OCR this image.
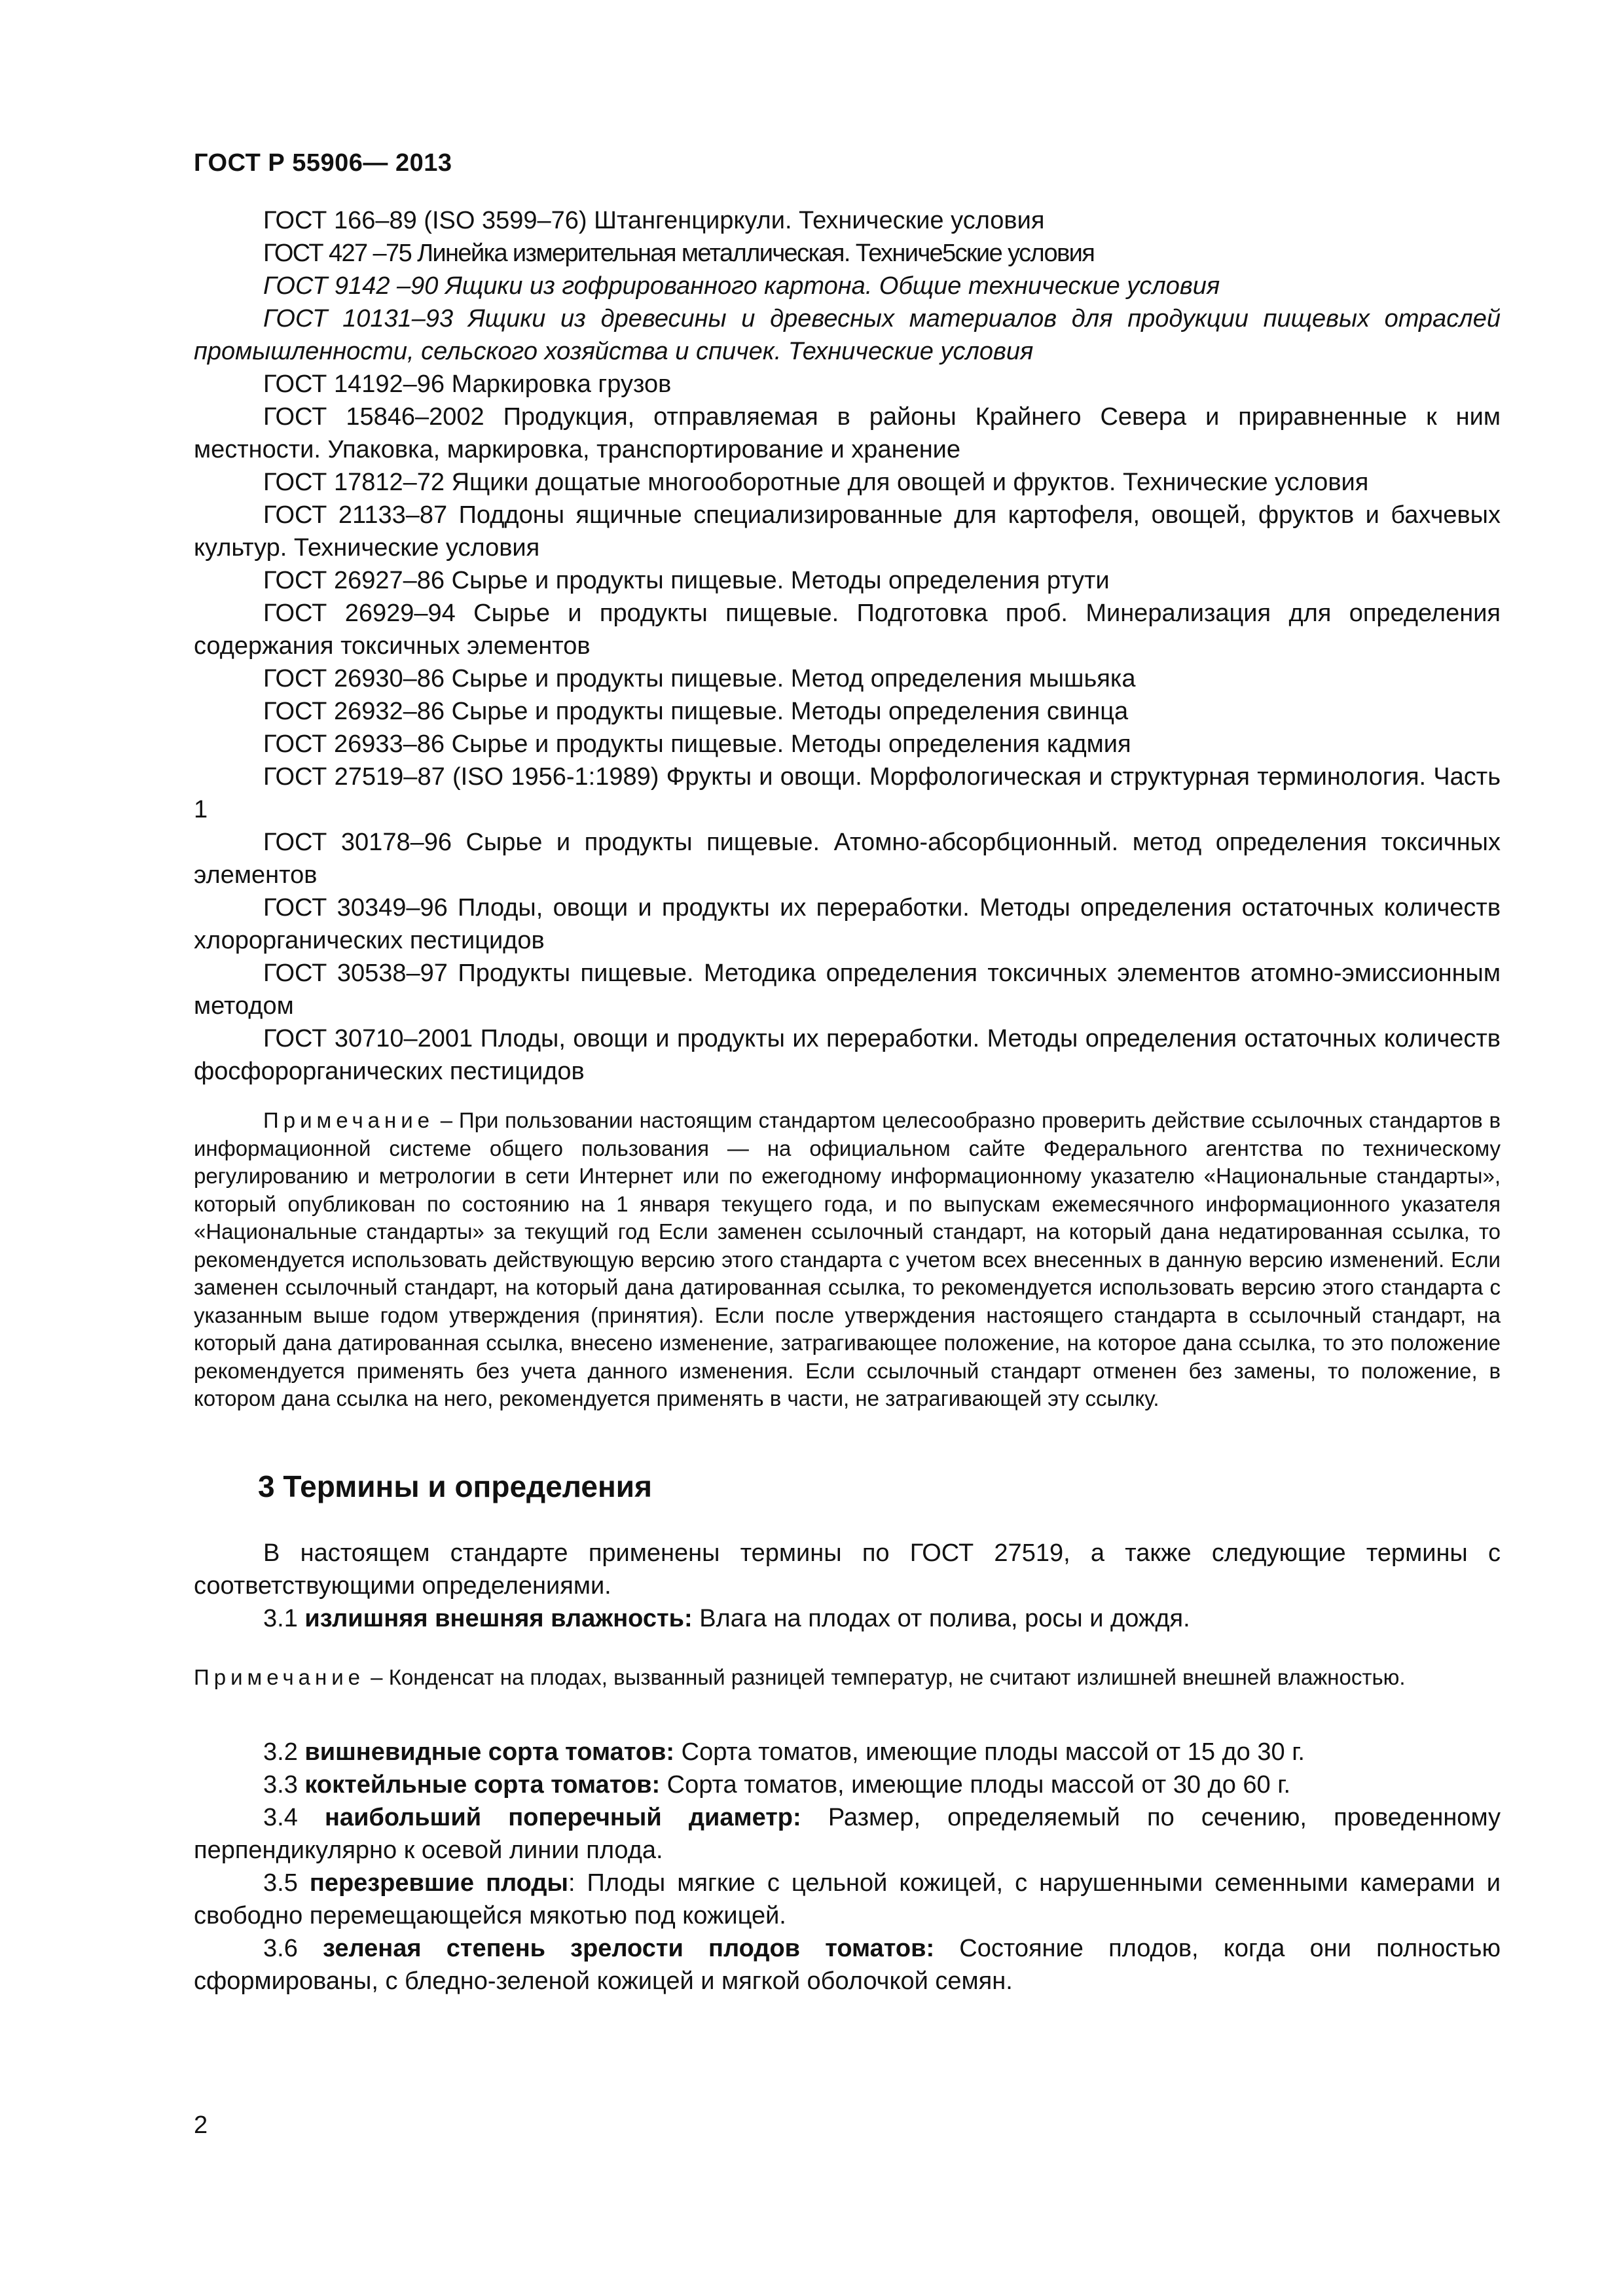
ГОСТ Р 55906— 2013

ГОСТ 166–89 (ISO 3599–76) Штангенциркули. Технические условия

ГОСТ 427 –75 Линейка измерительная металлическая. Техниче5ские условия

ГОСТ 9142 –90 Ящики из гофрированного картона. Общие технические условия

ГОСТ 10131–93 Ящики из древесины и древесных материалов для продукции пищевых отраслей промышленности, сельского хозяйства и спичек. Технические условия

ГОСТ 14192–96 Маркировка грузов

ГОСТ 15846–2002 Продукция, отправляемая в районы Крайнего Севера и приравненные к ним местности. Упаковка, маркировка, транспортирование и хранение

ГОСТ 17812–72 Ящики дощатые многооборотные для овощей и фруктов. Технические условия

ГОСТ 21133–87 Поддоны ящичные специализированные для картофеля, овощей, фруктов и бахчевых культур. Технические условия

ГОСТ 26927–86 Сырье и продукты пищевые. Методы определения ртути

ГОСТ 26929–94 Сырье и продукты пищевые. Подготовка проб. Минерализация для определения содержания токсичных элементов

ГОСТ 26930–86 Сырье и продукты пищевые. Метод определения мышьяка

ГОСТ 26932–86 Сырье и продукты пищевые. Методы определения свинца

ГОСТ 26933–86 Сырье и продукты пищевые. Методы определения кадмия

ГОСТ 27519–87 (ISO 1956-1:1989) Фрукты и овощи. Морфологическая и структурная терминология. Часть 1

ГОСТ 30178–96 Сырье и продукты пищевые. Атомно-абсорбционный. метод определения токсичных элементов

ГОСТ 30349–96 Плоды, овощи и продукты их переработки. Методы определения остаточных количеств хлорорганических пестицидов

ГОСТ 30538–97 Продукты пищевые. Методика определения токсичных элементов атомно-эмиссионным методом

ГОСТ 30710–2001 Плоды, овощи и продукты их переработки. Методы определения остаточных количеств фосфорорганических пестицидов

Примечание – При пользовании настоящим стандартом целесообразно проверить действие ссылочных стандартов в информационной системе общего пользования — на официальном сайте Федерального агентства по техническому регулированию и метрологии в сети Интернет или по ежегодному информационному указателю «Национальные стандарты», который опубликован по состоянию на 1 января текущего года, и по выпускам ежемесячного информационного указателя «Национальные стандарты» за текущий год Если заменен ссылочный стандарт, на который дана недатированная ссылка, то рекомендуется использовать действующую версию этого стандарта с учетом всех внесенных в данную версию изменений. Если заменен ссылочный стандарт, на который дана датированная ссылка, то рекомендуется использовать версию этого стандарта с указанным выше годом утверждения (принятия). Если после утверждения настоящего стандарта в ссылочный стандарт, на который дана датированная ссылка, внесено изменение, затрагивающее положение, на которое дана ссылка, то это положение рекомендуется применять без учета данного изменения. Если ссылочный стандарт отменен без замены, то положение, в котором дана ссылка на него, рекомендуется применять в части, не затрагивающей эту ссылку.

3 Термины и определения

В настоящем стандарте применены термины по ГОСТ 27519, а также следующие термины с соответствующими определениями.

3.1 излишняя внешняя влажность: Влага на плодах от полива, росы и дождя.

Примечание – Конденсат на плодах, вызванный разницей температур, не считают излишней внешней влажностью.

3.2 вишневидные сорта томатов: Сорта томатов, имеющие плоды массой от 15 до 30 г.

3.3 коктейльные сорта томатов: Сорта томатов, имеющие плоды массой от 30 до 60 г.

3.4 наибольший поперечный диаметр: Размер, определяемый по сечению, проведенному перпендикулярно к осевой линии плода.

3.5 перезревшие плоды: Плоды мягкие с цельной кожицей, с нарушенными семенными камерами и свободно перемещающейся мякотью под кожицей.

3.6 зеленая степень зрелости плодов томатов: Состояние плодов, когда они полностью сформированы, с бледно-зеленой кожицей и мягкой оболочкой семян.

2
